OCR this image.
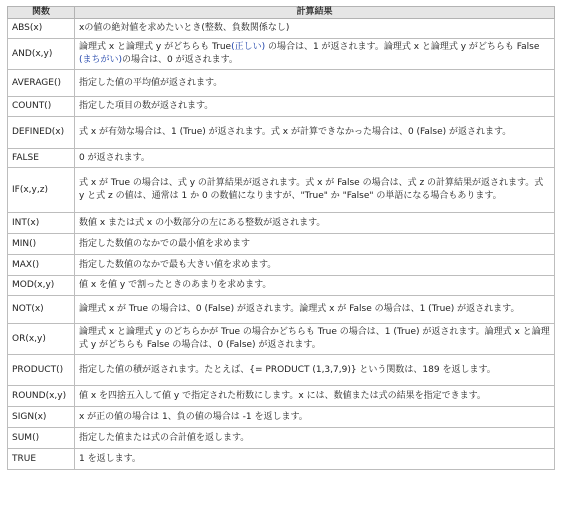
関数	計算結果
ABS(x)	xの値の絶対値を求めたいとき(整数、負数関係なし)
AND(x,y)	論理式 x と論理式 y がどちらも True(正しい) の場合は、1 が返されます。論理式 x と論理式 y がどちらも False (まちがい)の場合は、0 が返されます。
AVERAGE()	指定した値の平均値が返されます。
COUNT()	指定した項目の数が返されます。
DEFINED(x)	式 x が有効な場合は、1 (True) が返されます。式 x が計算できなかった場合は、0 (False) が返されます。
FALSE	0 が返されます。
IF(x,y,z)	式 x が True の場合は、式 y の計算結果が返されます。式 x が False の場合は、式 z の計算結果が返されます。式 y と式 z の値は、通常は 1 か 0 の数値になりますが、"True" か "False" の単語になる場合もあります。
INT(x)	数値 x または式 x の小数部分の左にある整数が返されます。
MIN()	指定した数値のなかでの最小値を求めます
MAX()	指定した数値のなかで最も大きい値を求めます。
MOD(x,y)	値 x を値 y で割ったときのあまりを求めます。
NOT(x)	論理式 x が True の場合は、0 (False) が返されます。論理式 x が False の場合は、1 (True) が返されます。
OR(x,y)	論理式 x と論理式 y のどちらかが True の場合かどちらも True の場合は、1 (True) が返されます。論理式 x と論理式 y がどちらも False の場合は、0 (False) が返されます。
PRODUCT()	指定した値の積が返されます。たとえば、{= PRODUCT (1,3,7,9)} という関数は、189 を返します。
ROUND(x,y)	値 x を四捨五入して値 y で指定された桁数にします。x には、数値または式の結果を指定できます。
SIGN(x)	x が正の値の場合は 1、負の値の場合は -1 を返します。
SUM()	指定した値または式の合計値を返します。
TRUE	1 を返します。
